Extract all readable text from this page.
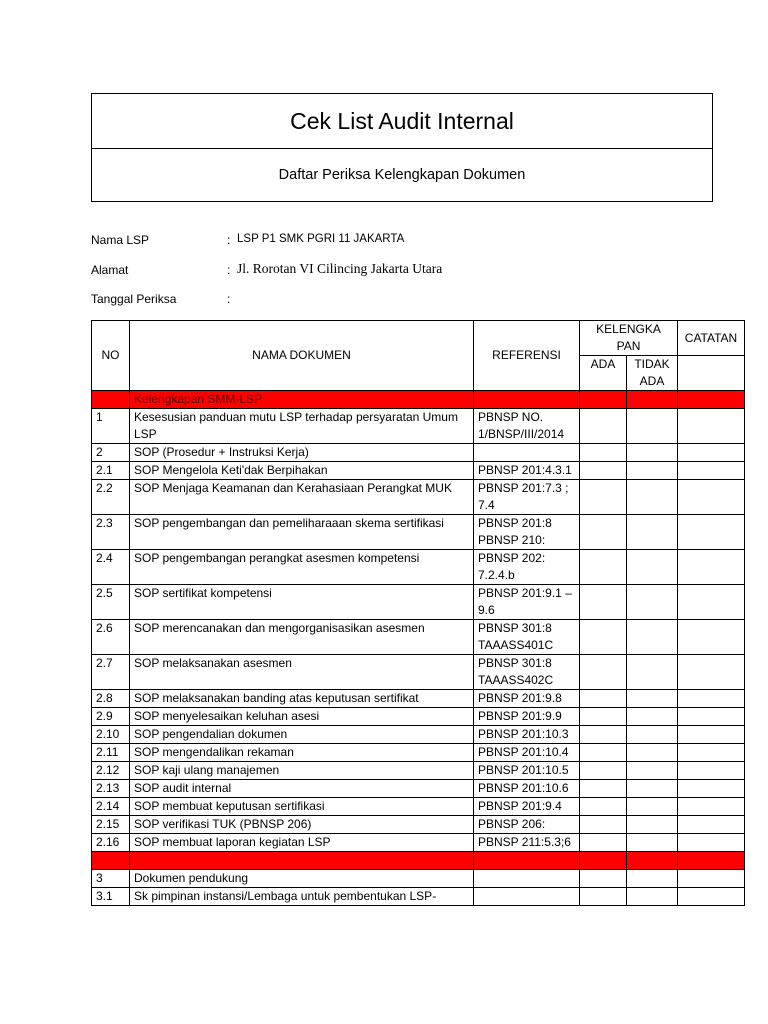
Cek List Audit Internal
Daftar Periksa Kelengkapan Dokumen
Nama LSP	: LSP P1 SMK PGRI 11 JAKARTA
Alamat	: Jl. Rorotan VI Cilincing Jakarta Utara
Tanggal Periksa	:
NO	NAMA DOKUMEN	REFERENSI	KELENGKAPAN		CATATAN
			ADA	TIDAK ADA	
	Kelengkapan SMM-LSP				
1	Kesesusian panduan mutu LSP terhadap persyaratan Umum LSP	PBNSP NO. 1/BNSP/III/2014			
2	SOP (Prosedur + Instruksi Kerja)				
2.1	SOP Mengelola Keti'dak Berpihakan	PBNSP 201:4.3.1			
2.2	SOP Menjaga Keamanan dan Kerahasiaan Perangkat MUK	PBNSP 201:7.3 ; 7.4			
2.3	SOP pengembangan dan pemeliharaaan skema sertifikasi	PBNSP 201:8 PBNSP 210:			
2.4	SOP pengembangan perangkat asesmen kompetensi	PBNSP 202: 7.2.4.b			
2.5	SOP sertifikat kompetensi	PBNSP 201:9.1 – 9.6			
2.6	SOP merencanakan dan mengorganisasikan asesmen	PBNSP 301:8 TAAASS401C			
2.7	SOP melaksanakan asesmen	PBNSP 301:8 TAAASS402C			
2.8	SOP melaksanakan banding atas keputusan sertifikat	PBNSP 201:9.8			
2.9	SOP menyelesaikan keluhan asesi	PBNSP 201:9.9			
2.10	SOP pengendalian dokumen	PBNSP 201:10.3			
2.11	SOP mengendalikan rekaman	PBNSP 201:10.4			
2.12	SOP kaji ulang manajemen	PBNSP 201:10.5			
2.13	SOP audit internal	PBNSP 201:10.6			
2.14	SOP membuat keputusan sertifikasi	PBNSP 201:9.4			
2.15	SOP verifikasi TUK (PBNSP 206)	PBNSP 206:			
2.16	SOP membuat laporan kegiatan LSP	PBNSP 211:5.3;6			

3	Dokumen pendukung				
3.1	Sk pimpinan instansi/Lembaga untuk pembentukan LSP-				
